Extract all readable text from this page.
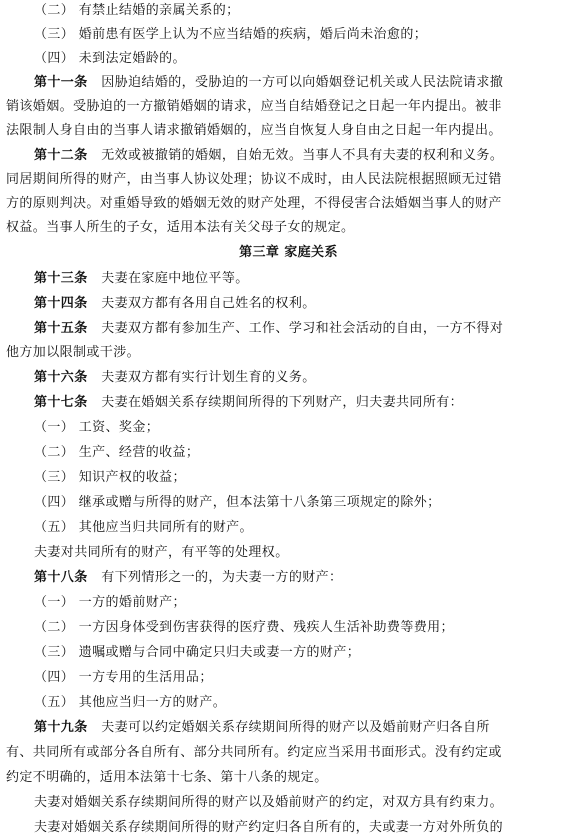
（二） 有禁止结婚的亲属关系的；
（三） 婚前患有医学上认为不应当结婚的疾病，婚后尚未治愈的；
（四） 未到法定婚龄的。
第十一条 因胁迫结婚的，受胁迫的一方可以向婚姻登记机关或人民法院请求撤
销该婚姻。受胁迫的一方撤销婚姻的请求，应当自结婚登记之日起一年内提出。被非
法限制人身自由的当事人请求撤销婚姻的，应当自恢复人身自由之日起一年内提出。
第十二条 无效或被撤销的婚姻，自始无效。当事人不具有夫妻的权利和义务。
同居期间所得的财产，由当事人协议处理；协议不成时，由人民法院根据照顾无过错
方的原则判决。对重婚导致的婚姻无效的财产处理，不得侵害合法婚姻当事人的财产
权益。当事人所生的子女，适用本法有关父母子女的规定。
第三章 家庭关系
第十三条 夫妻在家庭中地位平等。
第十四条 夫妻双方都有各用自己姓名的权利。
第十五条 夫妻双方都有参加生产、工作、学习和社会活动的自由，一方不得对
他方加以限制或干涉。
第十六条 夫妻双方都有实行计划生育的义务。
第十七条 夫妻在婚姻关系存续期间所得的下列财产，归夫妻共同所有：
（一） 工资、奖金；
（二） 生产、经营的收益；
（三） 知识产权的收益；
（四） 继承或赠与所得的财产，但本法第十八条第三项规定的除外；
（五） 其他应当归共同所有的财产。
夫妻对共同所有的财产，有平等的处理权。
第十八条 有下列情形之一的，为夫妻一方的财产：
（一） 一方的婚前财产；
（二） 一方因身体受到伤害获得的医疗费、残疾人生活补助费等费用；
（三） 遗嘱或赠与合同中确定只归夫或妻一方的财产；
（四） 一方专用的生活用品；
（五） 其他应当归一方的财产。
第十九条 夫妻可以约定婚姻关系存续期间所得的财产以及婚前财产归各自所
有、共同所有或部分各自所有、部分共同所有。约定应当采用书面形式。没有约定或
约定不明确的，适用本法第十七条、第十八条的规定。
夫妻对婚姻关系存续期间所得的财产以及婚前财产的约定，对双方具有约束力。
夫妻对婚姻关系存续期间所得的财产约定归各自所有的，夫或妻一方对外所负的
